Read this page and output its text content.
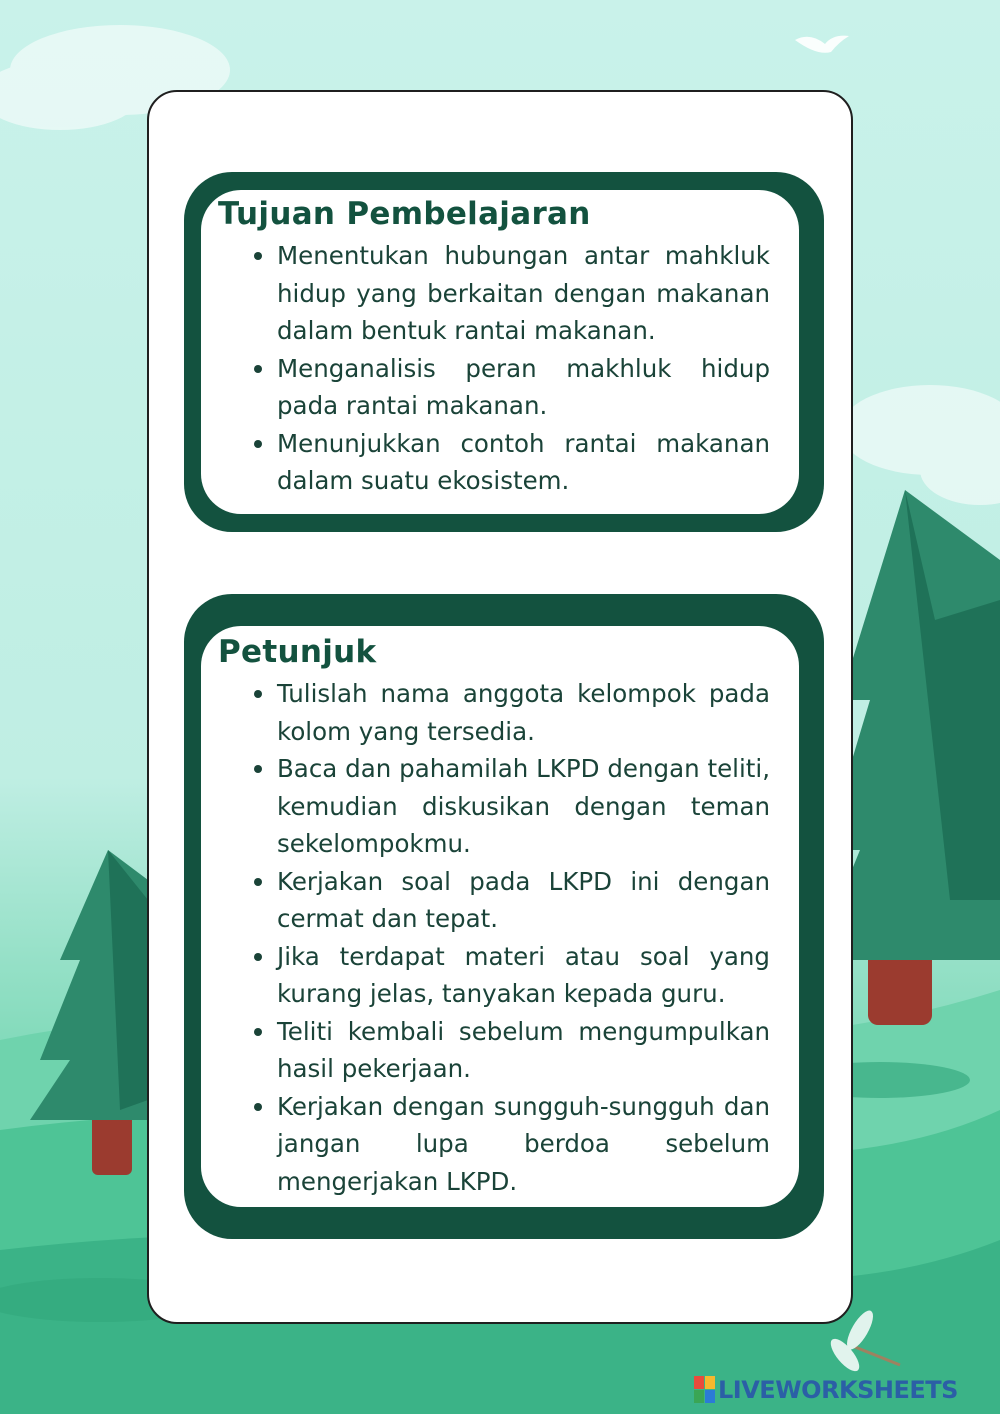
Tujuan Pembelajaran
Menentukan hubungan antar mahkluk hidup yang berkaitan dengan makanan dalam bentuk rantai makanan.
Menganalisis peran makhluk hidup pada rantai makanan.
Menunjukkan contoh rantai makanan dalam suatu ekosistem.
Petunjuk
Tulislah nama anggota kelompok pada kolom yang tersedia.
Baca dan pahamilah LKPD dengan teliti, kemudian diskusikan dengan teman sekelompokmu.
Kerjakan soal pada LKPD ini dengan cermat dan tepat.
Jika terdapat materi atau soal yang kurang jelas, tanyakan kepada guru.
Teliti kembali sebelum mengumpulkan hasil pekerjaan.
Kerjakan dengan sungguh-sungguh dan jangan lupa berdoa sebelum mengerjakan LKPD.
LIVEWORKSHEETS
